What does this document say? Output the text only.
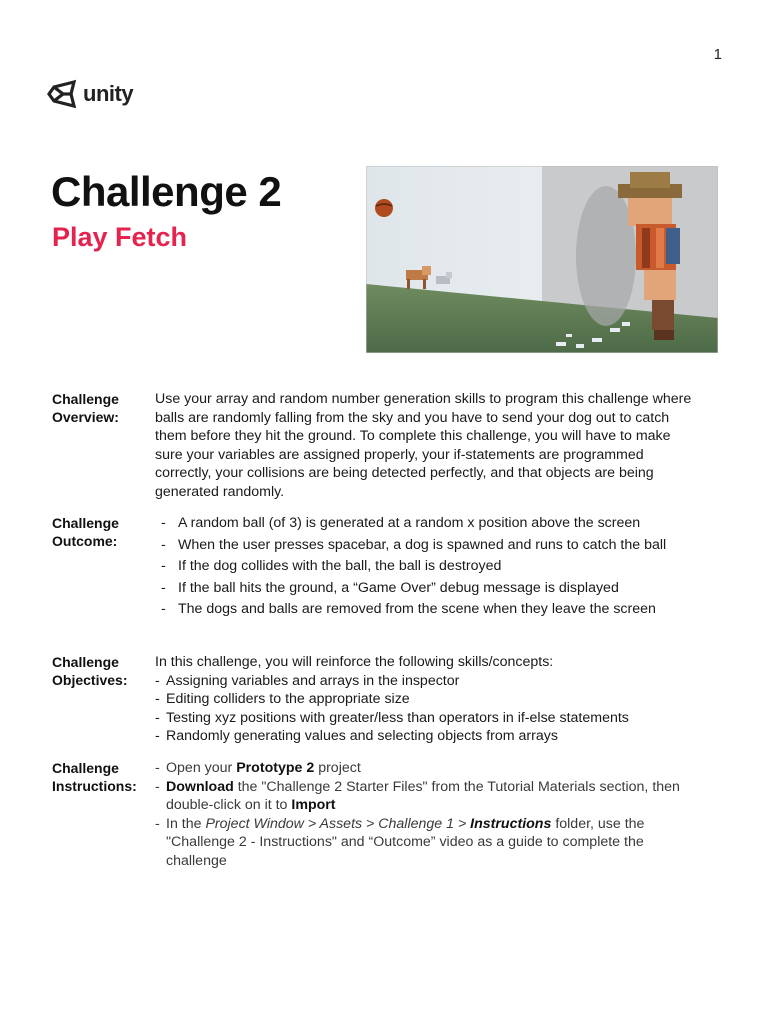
1
unity
Challenge 2
Play Fetch
Challenge Overview:

Use your array and random number generation skills to program this challenge where balls are randomly falling from the sky and you have to send your dog out to catch them before they hit the ground. To complete this challenge, you will have to make sure your variables are assigned properly, your if-statements are programmed correctly, your collisions are being detected perfectly, and that objects are being generated randomly.

Challenge Outcome:
- A random ball (of 3) is generated at a random x position above the screen
- When the user presses spacebar, a dog is spawned and runs to catch the ball
- If the dog collides with the ball, the ball is destroyed
- If the ball hits the ground, a “Game Over” debug message is displayed
- The dogs and balls are removed from the scene when they leave the screen
Challenge Objectives:

In this challenge, you will reinforce the following skills/concepts:

- Assigning variables and arrays in the inspector
- Editing colliders to the appropriate size
- Testing xyz positions with greater/less than operators in if-else statements
- Randomly generating values and selecting objects from arrays
Challenge Instructions:
- Open your Prototype 2 project
- Download the "Challenge 2 Starter Files" from the Tutorial Materials section, then double-click on it to Import
- In the Project Window > Assets > Challenge 1 > Instructions folder, use the "Challenge 2 - Instructions" and “Outcome” video as a guide to complete the challenge
